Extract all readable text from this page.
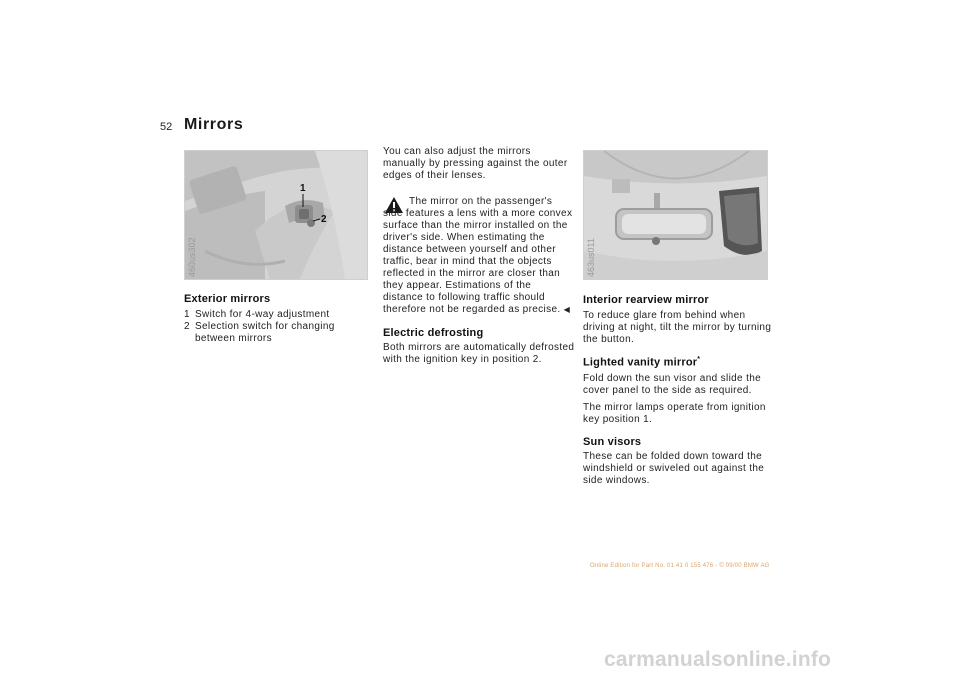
52 Mirrors
1
2
460us302
Exterior mirrors
1 Switch for 4-way adjustment
2 Selection switch for changing between mirrors

You can also adjust the mirrors manually by pressing against the outer edges of their lenses.

The mirror on the passenger's side features a lens with a more convex surface than the mirror installed on the driver's side. When estimating the distance between yourself and other traffic, bear in mind that the objects reflected in the mirror are closer than they appear. Estimations of the distance to following traffic should therefore not be regarded as precise. ◀
Electric defrosting

Both mirrors are automatically defrosted with the ignition key in position 2.

463us011
Interior rearview mirror

To reduce glare from behind when driving at night, tilt the mirror by turning the button.

Lighted vanity mirror*

Fold down the sun visor and slide the cover panel to the side as required.

The mirror lamps operate from ignition key position 1.

Sun visors

These can be folded down toward the windshield or swiveled out against the side windows.

Online Edition for Part No. 01 41 0 155 476 - © 09/00 BMW AG
carmanualsonline.info
